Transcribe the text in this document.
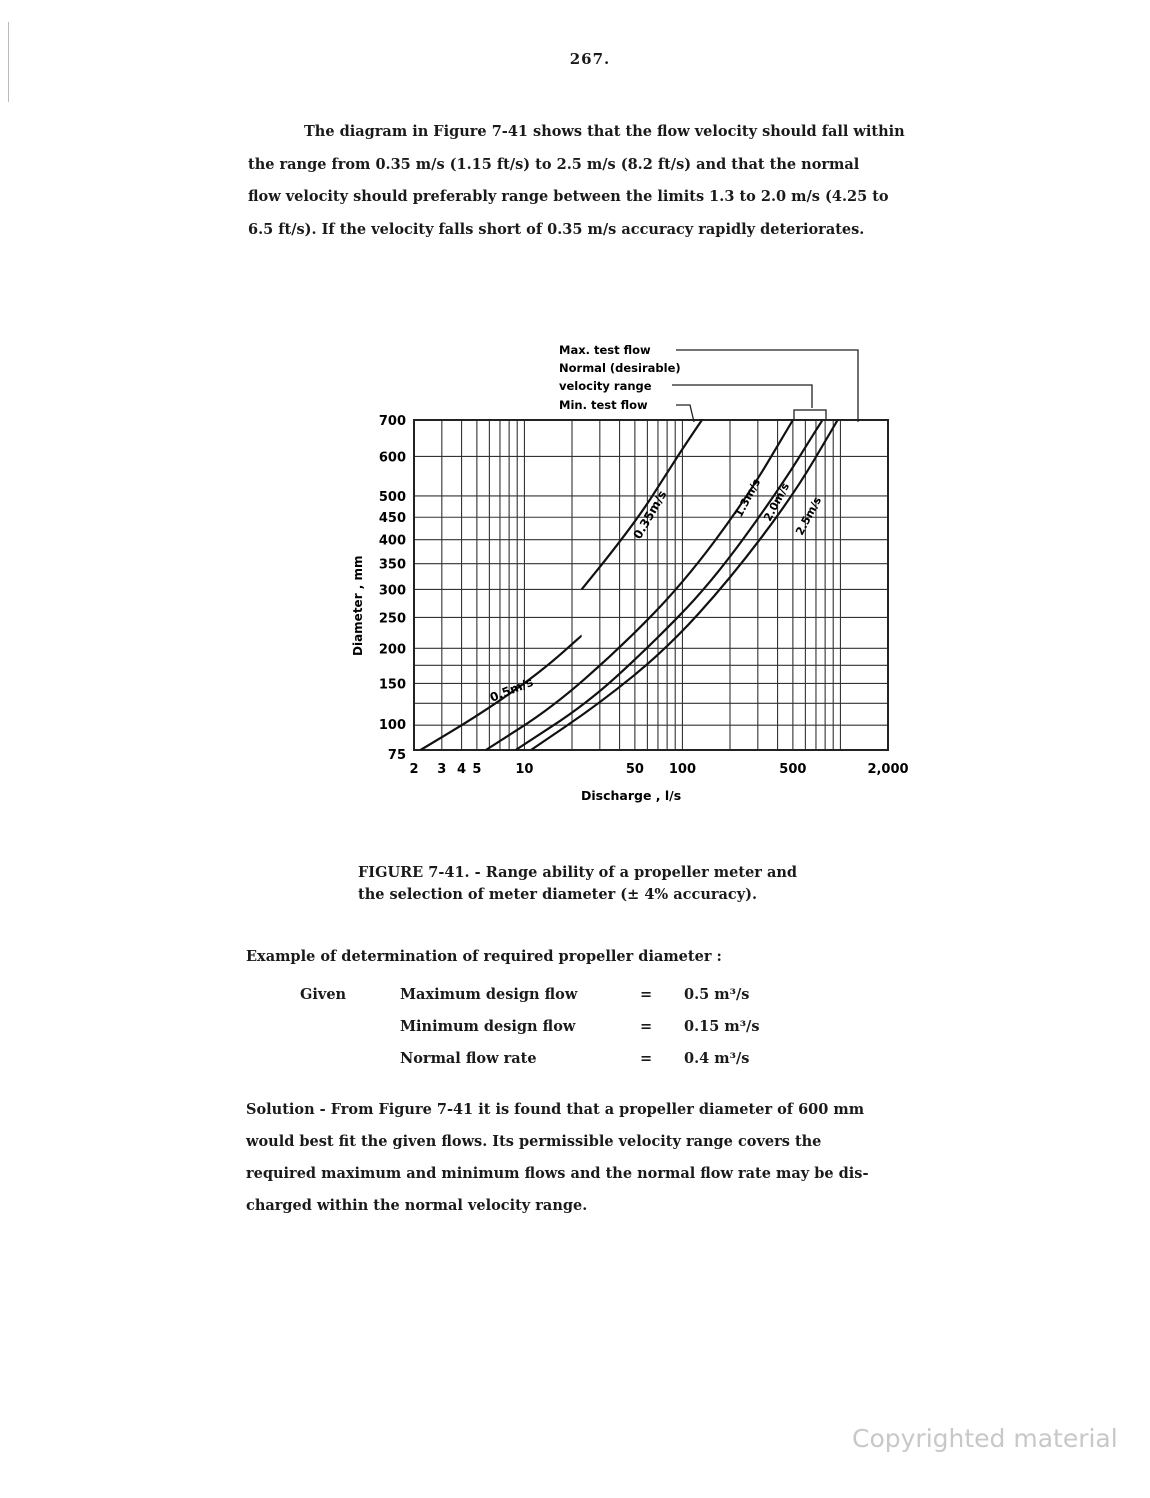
267.
The diagram in Figure 7-41 shows that the flow velocity should fall within
the range from 0.35 m/s (1.15 ft/s) to 2.5 m/s (8.2 ft/s) and that the normal
flow velocity should preferably range between the limits 1.3 to 2.0 m/s (4.25 to
6.5 ft/s). If the velocity falls short of 0.35 m/s accuracy rapidly deteriorates.
700
600
500
450
400
350
300
250
200
150
100
75
2 3 4 5	10	50 100	500	2,000
Max. test flow
Normal (desirable)
velocity range
Min. test flow
0.35m/s
0.5m/s
1.3m/s
2.0m/s 2.5m/s
Diameter , mm
Discharge , l/s
FIGURE 7-41. - Range ability of a propeller meter and
the selection of meter diameter (± 4% accuracy).
Example of determination of required propeller diameter :
Given	Maximum design flow	= 0.5 m³/s
Minimum design flow	= 0.15 m³/s
Normal flow rate	= 0.4 m³/s
Solution - From Figure 7-41 it is found that a propeller diameter of 600 mm
would best fit the given flows. Its permissible velocity range covers the
required maximum and minimum flows and the normal flow rate may be dis-
charged within the normal velocity range.
Copyrighted material
